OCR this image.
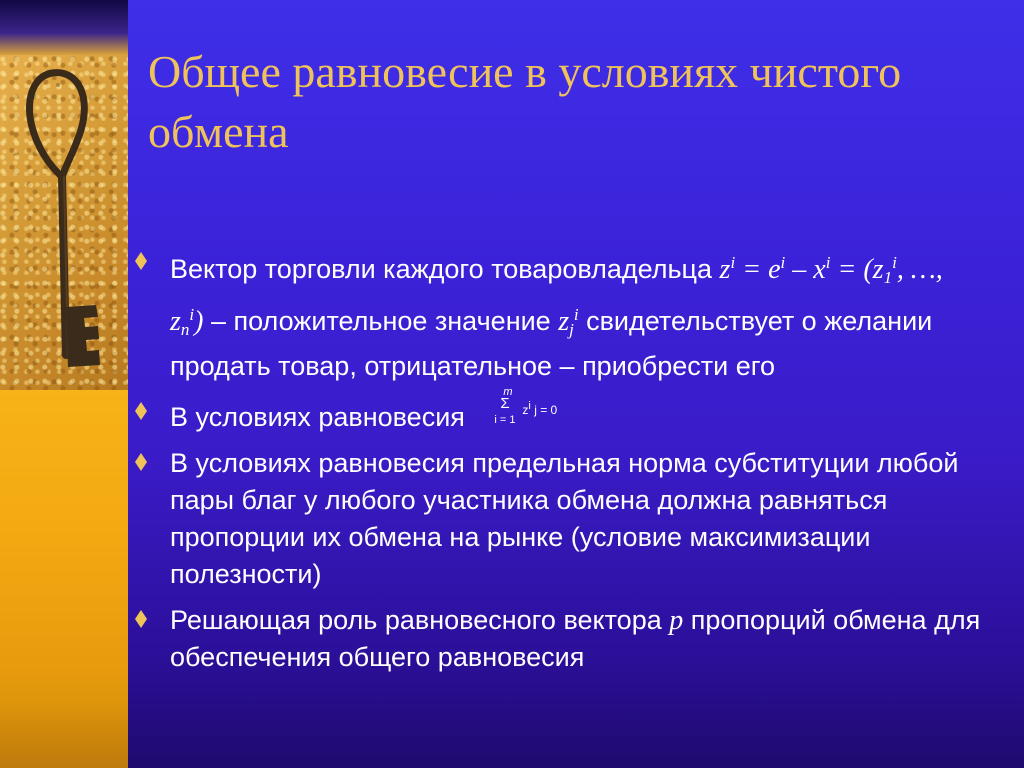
Общее равновесие в условиях чистого обмена
Вектор торговли каждого товаровладельца $z^i = e^i - x^i = (z_1^i$, …, $z_n^i$) – положительное значение $z_j^i$ свидетельствует о желании продать товар, отрицательное – приобрести его
В условиях равновесия
m
Σ
i = 1
$z^i$ j = 0
В условиях равновесия предельная норма субституции любой пары благ у любого участника обмена должна равняться пропорции их обмена на рынке (условие максимизации полезности)
Решающая роль равновесного вектора p пропорций обмена для обеспечения общего равновесия
